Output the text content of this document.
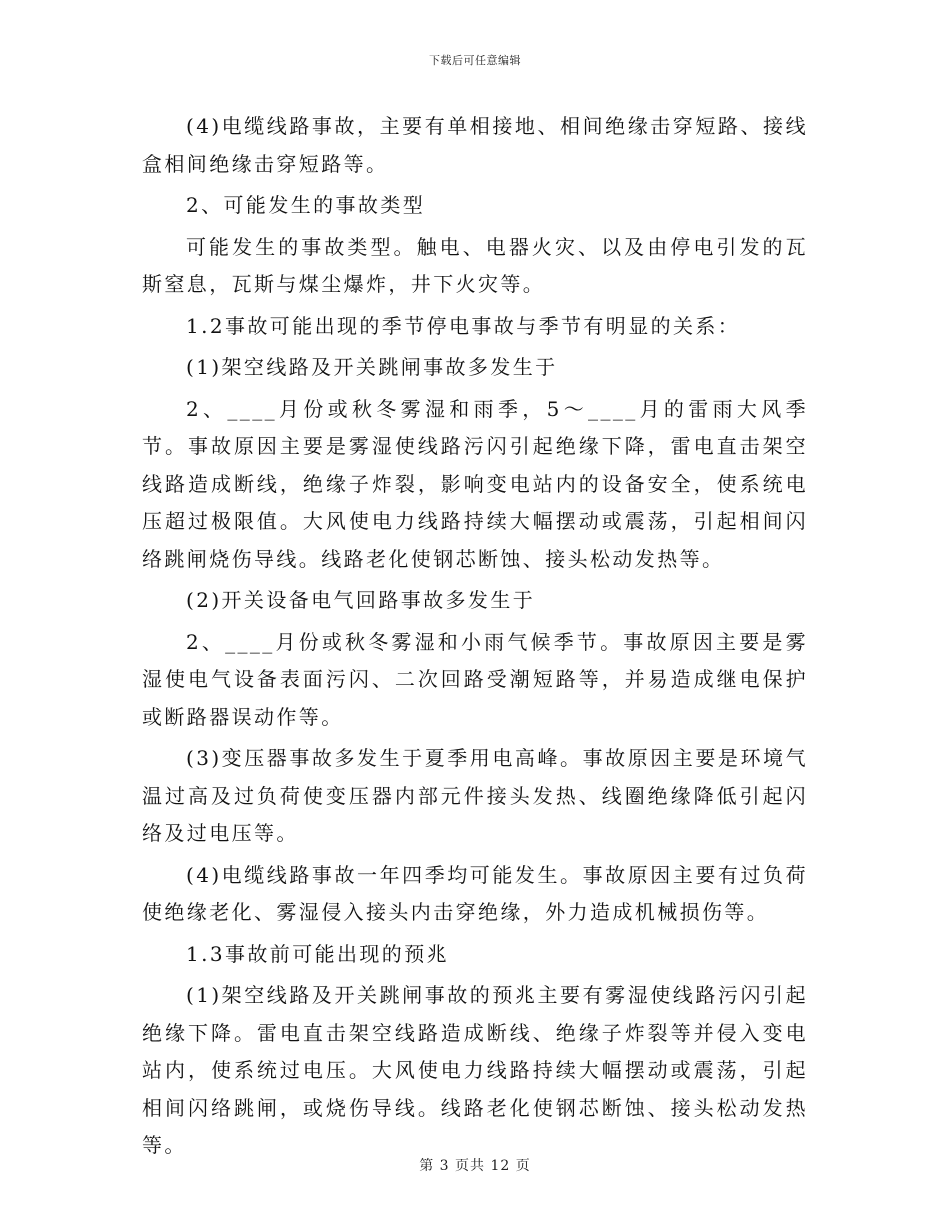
下载后可任意编辑

(4)电缆线路事故，主要有单相接地、相间绝缘击穿短路、接线盒相间绝缘击穿短路等。

2、可能发生的事故类型

可能发生的事故类型。触电、电器火灾、以及由停电引发的瓦斯窒息，瓦斯与煤尘爆炸，井下火灾等。

1.2事故可能出现的季节停电事故与季节有明显的关系：

(1)架空线路及开关跳闸事故多发生于

2、____月份或秋冬雾湿和雨季，5～____月的雷雨大风季节。事故原因主要是雾湿使线路污闪引起绝缘下降，雷电直击架空线路造成断线，绝缘子炸裂，影响变电站内的设备安全，使系统电压超过极限值。大风使电力线路持续大幅摆动或震荡，引起相间闪络跳闸烧伤导线。线路老化使钢芯断蚀、接头松动发热等。

(2)开关设备电气回路事故多发生于

2、____月份或秋冬雾湿和小雨气候季节。事故原因主要是雾湿使电气设备表面污闪、二次回路受潮短路等，并易造成继电保护或断路器误动作等。

(3)变压器事故多发生于夏季用电高峰。事故原因主要是环境气温过高及过负荷使变压器内部元件接头发热、线圈绝缘降低引起闪络及过电压等。

(4)电缆线路事故一年四季均可能发生。事故原因主要有过负荷使绝缘老化、雾湿侵入接头内击穿绝缘，外力造成机械损伤等。

1.3事故前可能出现的预兆

(1)架空线路及开关跳闸事故的预兆主要有雾湿使线路污闪引起绝缘下降。雷电直击架空线路造成断线、绝缘子炸裂等并侵入变电站内，使系统过电压。大风使电力线路持续大幅摆动或震荡，引起相间闪络跳闸，或烧伤导线。线路老化使钢芯断蚀、接头松动发热等。

第 3 页共 12 页
